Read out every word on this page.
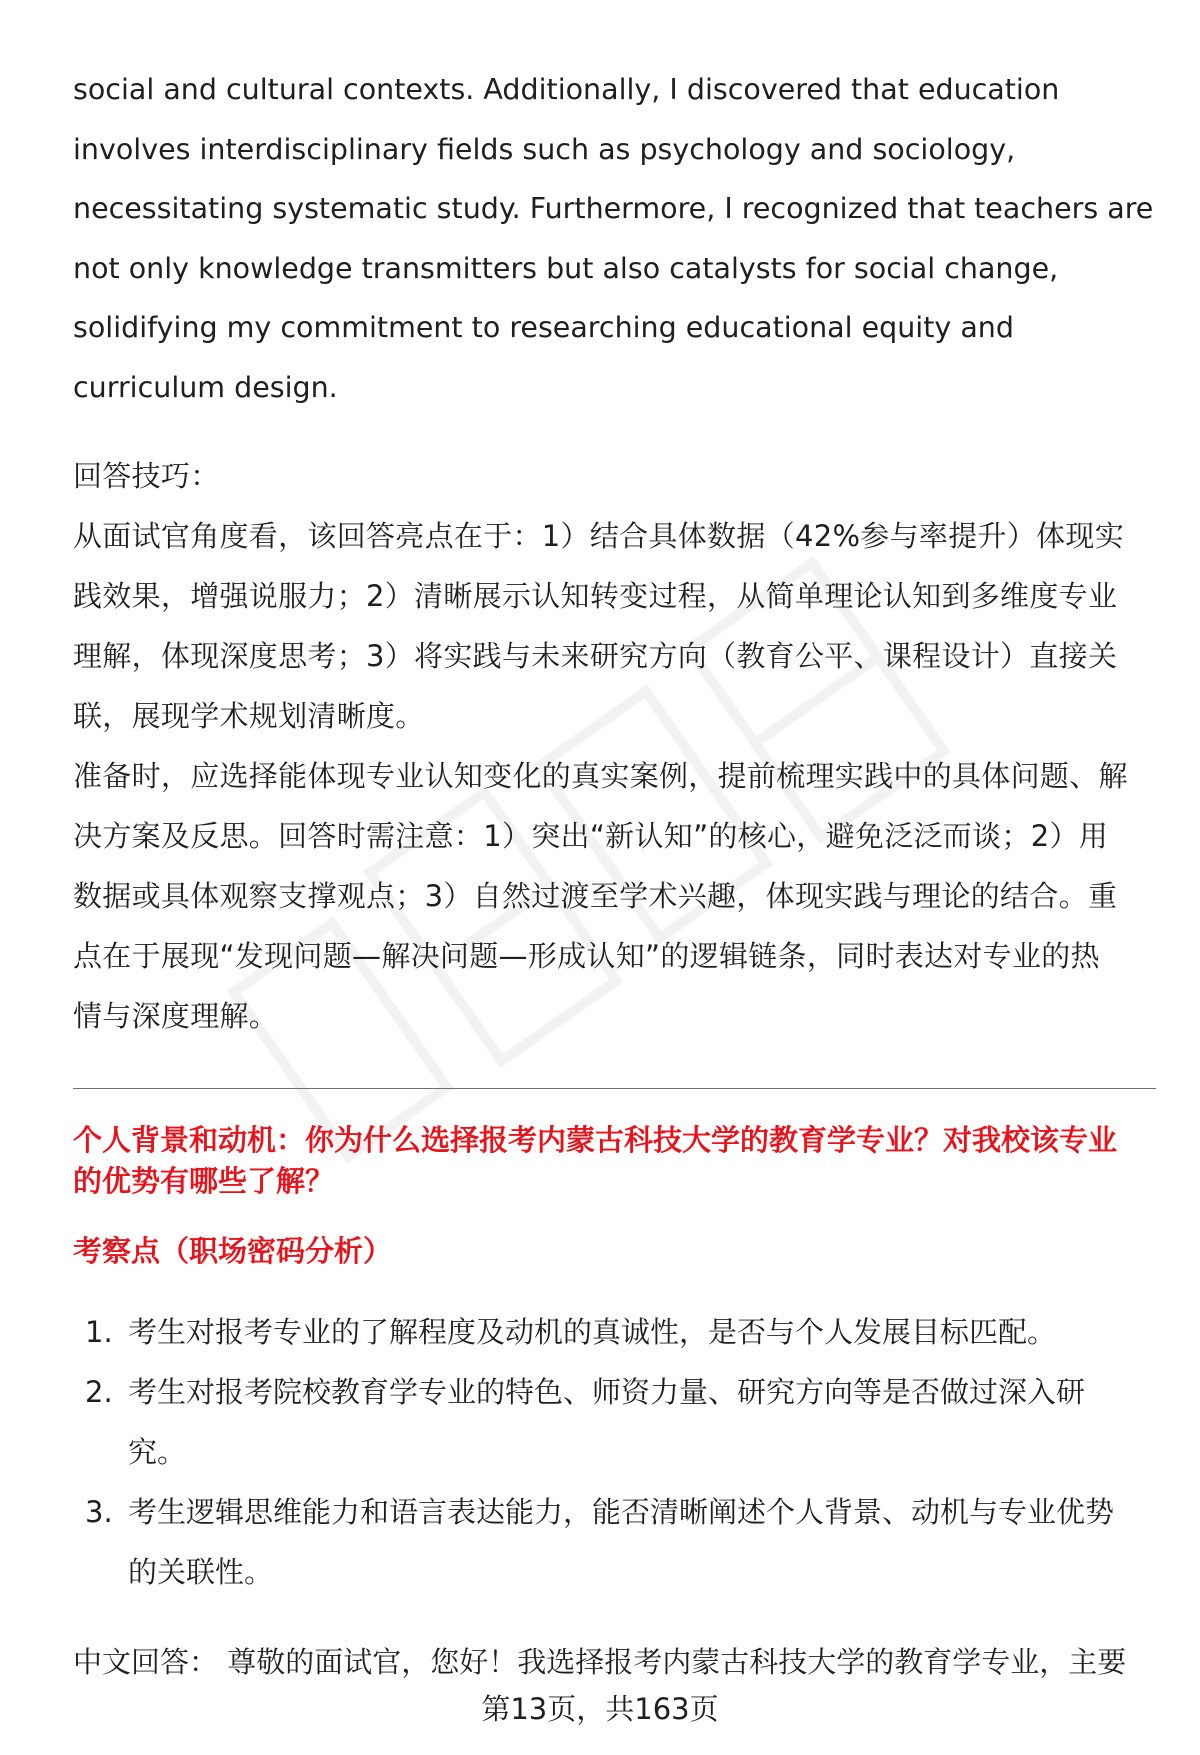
social and cultural contexts. Additionally, I discovered that education

involves interdisciplinary fields such as psychology and sociology,

necessitating systematic study. Furthermore, I recognized that teachers are

not only knowledge transmitters but also catalysts for social change,

solidifying my commitment to researching educational equity and

curriculum design.

回答技巧：

从面试官角度看，该回答亮点在于：1）结合具体数据（42%参与率提升）体现实

践效果，增强说服力；2）清晰展示认知转变过程，从简单理论认知到多维度专业

理解，体现深度思考；3）将实践与未来研究方向（教育公平、课程设计）直接关

联，展现学术规划清晰度。

准备时，应选择能体现专业认知变化的真实案例，提前梳理实践中的具体问题、解

决方案及反思。回答时需注意：1）突出“新认知”的核心，避免泛泛而谈；2）用

数据或具体观察支撑观点；3）自然过渡至学术兴趣，体现实践与理论的结合。重

点在于展现“发现问题—解决问题—形成认知”的逻辑链条，同时表达对专业的热

情与深度理解。

个人背景和动机：你为什么选择报考内蒙古科技大学的教育学专业？对我校该专业
的优势有哪些了解？
考察点（职场密码分析）
1. 考生对报考专业的了解程度及动机的真诚性，是否与个人发展目标匹配。
2. 考生对报考院校教育学专业的特色、师资力量、研究方向等是否做过深入研
究。
3. 考生逻辑思维能力和语言表达能力，能否清晰阐述个人背景、动机与专业优势
的关联性。
中文回答： 尊敬的面试官，您好！我选择报考内蒙古科技大学的教育学专业，主要
第13页，共163页
